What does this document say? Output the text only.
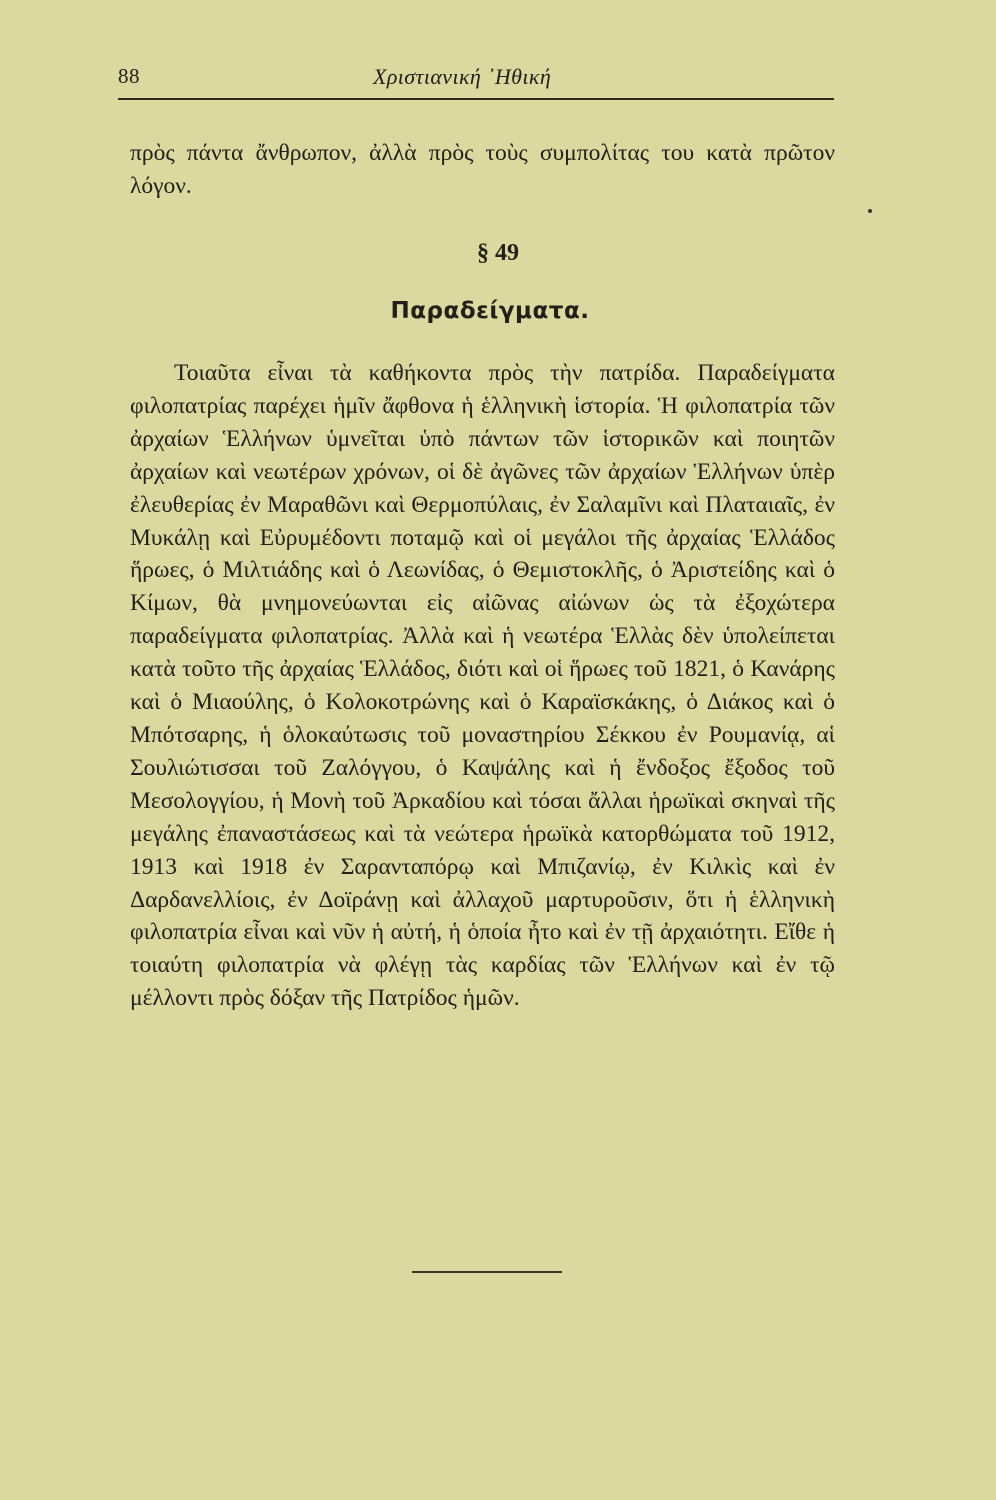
88	Χριστιανική ᾿Ηθική
πρὸς πάντα ἄνθρωπον, ἀλλὰ πρὸς τοὺς συμπολίτας του κατὰ πρῶτον λόγον.
§ 49
Παραδείγματα.

Τοιαῦτα εἶναι τὰ καθήκοντα πρὸς τὴν πατρίδα. Παραδείγματα φιλοπατρίας παρέχει ἡμῖν ἄφθονα ἡ ἑλληνικὴ ἱστορία. Ἡ φιλοπατρία τῶν ἀρχαίων Ἑλλήνων ὑμνεῖται ὑπὸ πάντων τῶν ἱστορικῶν καὶ ποιητῶν ἀρχαίων καὶ νεωτέρων χρόνων, οἱ δὲ ἀγῶνες τῶν ἀρχαίων Ἑλλήνων ὑπὲρ ἐλευθερίας ἐν Μαραθῶνι καὶ Θερμοπύλαις, ἐν Σαλαμῖνι καὶ Πλαταιαῖς, ἐν Μυκάλῃ καὶ Εὐρυμέδοντι ποταμῷ καὶ οἱ μεγάλοι τῆς ἀρχαίας Ἑλλάδος ἥρωες, ὁ Μιλτιάδης καὶ ὁ Λεωνίδας, ὁ Θεμιστοκλῆς, ὁ Ἀριστείδης καὶ ὁ Κίμων, θὰ μνημονεύωνται εἰς αἰῶνας αἰώνων ὡς τὰ ἐξοχώτερα παραδείγματα φιλοπατρίας. Ἀλλὰ καὶ ἡ νεωτέρα Ἑλλὰς δὲν ὑπολείπεται κατὰ τοῦτο τῆς ἀρχαίας Ἑλλάδος, διότι καὶ οἱ ἥρωες τοῦ 1821, ὁ Κανάρης καὶ ὁ Μιαούλης, ὁ Κολοκοτρώνης καὶ ὁ Καραϊσκάκης, ὁ Διάκος καὶ ὁ Μπότσαρης, ἡ ὁλοκαύτωσις τοῦ μοναστηρίου Σέκκου ἐν Ρουμανίᾳ, αἱ Σουλιώτισσαι τοῦ Ζαλόγγου, ὁ Καψάλης καὶ ἡ ἔνδοξος ἔξοδος τοῦ Μεσολογγίου, ἡ Μονὴ τοῦ Ἀρκαδίου καὶ τόσαι ἄλλαι ἡρωϊκαὶ σκηναὶ τῆς μεγάλης ἐπαναστάσεως καὶ τὰ νεώτερα ἡρωϊκὰ κατορθώματα τοῦ 1912, 1913 καὶ 1918 ἐν Σαρανταπόρῳ καὶ Μπιζανίῳ, ἐν Κιλκὶς καὶ ἐν Δαρδανελλίοις, ἐν Δοϊράνῃ καὶ ἀλλαχοῦ μαρτυροῦσιν, ὅτι ἡ ἑλληνικὴ φιλοπατρία εἶναι καὶ νῦν ἡ αὐτή, ἡ ὁποία ἦτο καὶ ἐν τῇ ἀρχαιότητι. Εἴθε ἡ τοιαύτη φιλοπατρία νὰ φλέγῃ τὰς καρδίας τῶν Ἑλλήνων καὶ ἐν τῷ μέλλοντι πρὸς δόξαν τῆς Πατρίδος ἡμῶν.
